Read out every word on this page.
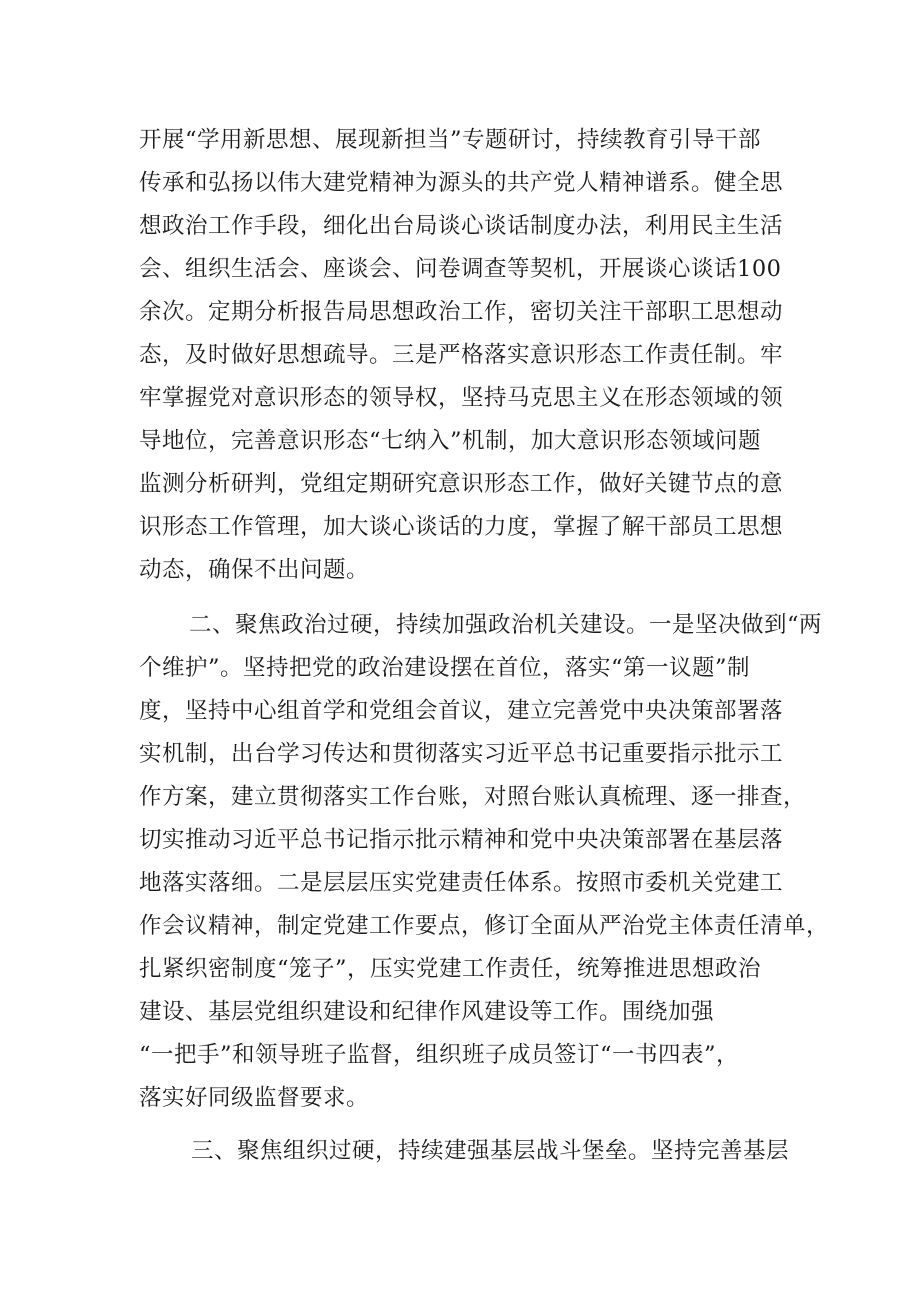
开展“学用新思想、展现新担当”专题研讨，持续教育引导干部
传承和弘扬以伟大建党精神为源头的共产党人精神谱系。健全思
想政治工作手段，细化出台局谈心谈话制度办法，利用民主生活
会、组织生活会、座谈会、问卷调查等契机，开展谈心谈话100
余次。定期分析报告局思想政治工作，密切关注干部职工思想动
态，及时做好思想疏导。三是严格落实意识形态工作责任制。牢
牢掌握党对意识形态的领导权，坚持马克思主义在形态领域的领
导地位，完善意识形态“七纳入”机制，加大意识形态领域问题
监测分析研判，党组定期研究意识形态工作，做好关键节点的意
识形态工作管理，加大谈心谈话的力度，掌握了解干部员工思想
动态，确保不出问题。
二、聚焦政治过硬，持续加强政治机关建设。一是坚决做到“两
个维护”。坚持把党的政治建设摆在首位，落实“第一议题”制
度，坚持中心组首学和党组会首议，建立完善党中央决策部署落
实机制，出台学习传达和贯彻落实习近平总书记重要指示批示工
作方案，建立贯彻落实工作台账，对照台账认真梳理、逐一排查，
切实推动习近平总书记指示批示精神和党中央决策部署在基层落
地落实落细。二是层层压实党建责任体系。按照市委机关党建工
作会议精神，制定党建工作要点，修订全面从严治党主体责任清单，
扎紧织密制度“笼子”，压实党建工作责任，统筹推进思想政治
建设、基层党组织建设和纪律作风建设等工作。围绕加强
“一把手”和领导班子监督，组织班子成员签订“一书四表”，
落实好同级监督要求。
三、聚焦组织过硬，持续建强基层战斗堡垒。坚持完善基层
